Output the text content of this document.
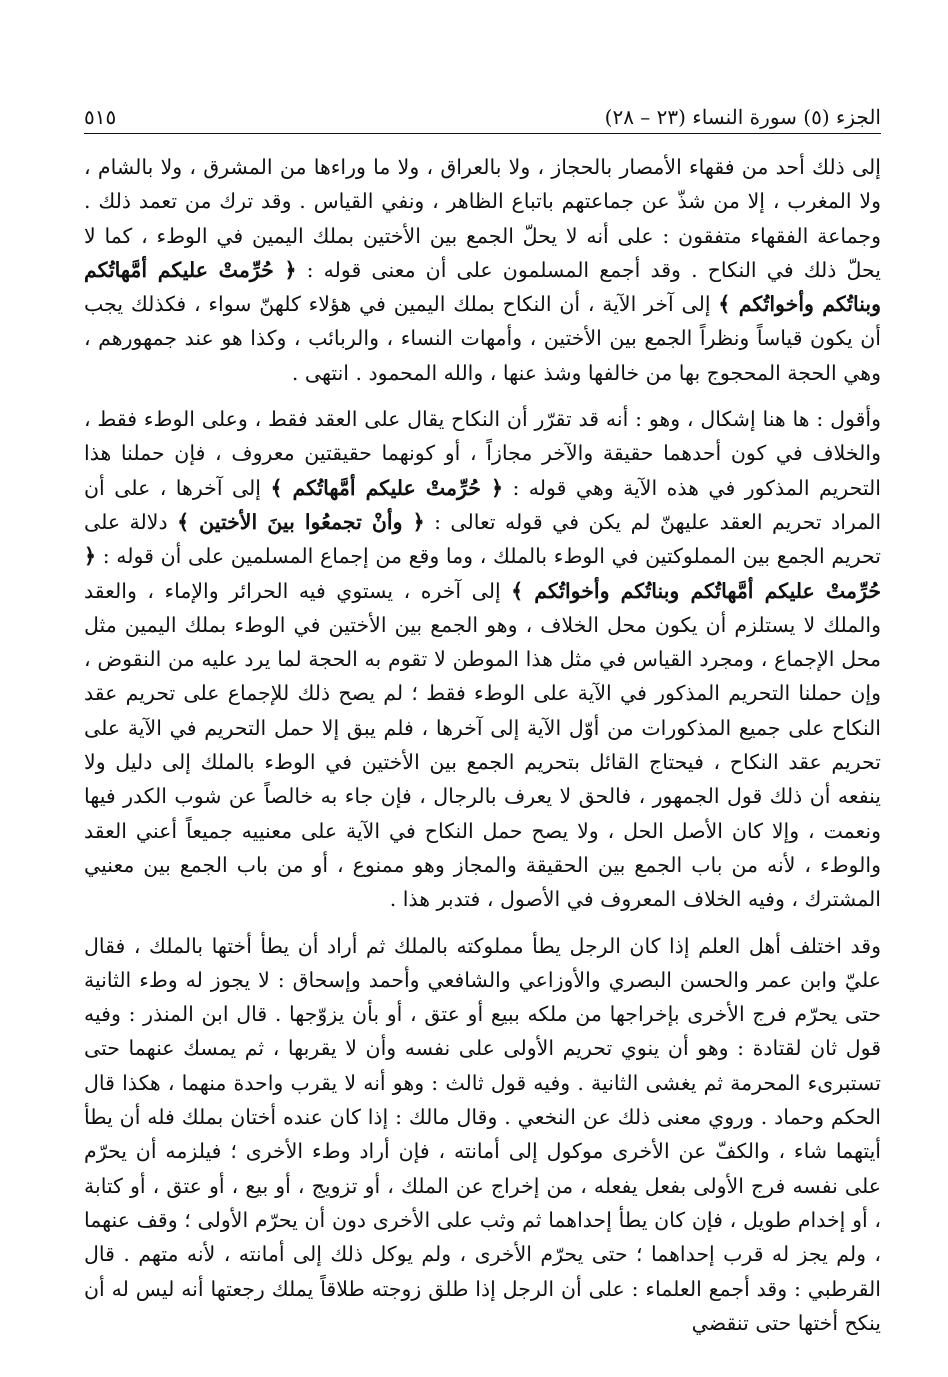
الجزء (٥) سورة النساء (٢٣ – ٢٨)
٥١٥

إلى ذلك أحد من فقهاء الأمصار بالحجاز ، ولا بالعراق ، ولا ما وراءها من المشرق ، ولا بالشام ، ولا المغرب ، إلا من شذّ عن جماعتهم باتباع الظاهر ، ونفي القياس . وقد ترك من تعمد ذلك . وجماعة الفقهاء متفقون : على أنه لا يحلّ الجمع بين الأختين بملك اليمين في الوطء ، كما لا يحلّ ذلك في النكاح . وقد أجمع المسلمون على أن معنى قوله : ﴿ حُرِّمتْ عليكم أمَّهاتُكم وبناتُكم وأخواتُكم ﴾ إلى آخر الآية ، أن النكاح بملك اليمين في هؤلاء كلهنّ سواء ، فكذلك يجب أن يكون قياساً ونظراً الجمع بين الأختين ، وأمهات النساء ، والربائب ، وكذا هو عند جمهورهم ، وهي الحجة المحجوج بها من خالفها وشذ عنها ، والله المحمود . انتهى .

وأقول : ها هنا إشكال ، وهو : أنه قد تقرّر أن النكاح يقال على العقد فقط ، وعلى الوطء فقط ، والخلاف في كون أحدهما حقيقة والآخر مجازاً ، أو كونهما حقيقتين معروف ، فإن حملنا هذا التحريم المذكور في هذه الآية وهي قوله : ﴿ حُرِّمتْ عليكم أمَّهاتُكم ﴾ إلى آخرها ، على أن المراد تحريم العقد عليهنّ لم يكن في قوله تعالى : ﴿ وأنْ تجمعُوا بينَ الأختين ﴾ دلالة على تحريم الجمع بين المملوكتين في الوطء بالملك ، وما وقع من إجماع المسلمين على أن قوله : ﴿ حُرِّمتْ عليكم أمَّهاتُكم وبناتُكم وأخواتُكم ﴾ إلى آخره ، يستوي فيه الحرائر والإماء ، والعقد والملك لا يستلزم أن يكون محل الخلاف ، وهو الجمع بين الأختين في الوطء بملك اليمين مثل محل الإجماع ، ومجرد القياس في مثل هذا الموطن لا تقوم به الحجة لما يرد عليه من النقوض ، وإن حملنا التحريم المذكور في الآية على الوطء فقط ؛ لم يصح ذلك للإجماع على تحريم عقد النكاح على جميع المذكورات من أوّل الآية إلى آخرها ، فلم يبق إلا حمل التحريم في الآية على تحريم عقد النكاح ، فيحتاج القائل بتحريم الجمع بين الأختين في الوطء بالملك إلى دليل ولا ينفعه أن ذلك قول الجمهور ، فالحق لا يعرف بالرجال ، فإن جاء به خالصاً عن شوب الكدر فيها ونعمت ، وإلا كان الأصل الحل ، ولا يصح حمل النكاح في الآية على معنييه جميعاً أعني العقد والوطء ، لأنه من باب الجمع بين الحقيقة والمجاز وهو ممنوع ، أو من باب الجمع بين معنيي المشترك ، وفيه الخلاف المعروف في الأصول ، فتدبر هذا .

وقد اختلف أهل العلم إذا كان الرجل يطأ مملوكته بالملك ثم أراد أن يطأ أختها بالملك ، فقال عليّ وابن عمر والحسن البصري والأوزاعي والشافعي وأحمد وإسحاق : لا يجوز له وطء الثانية حتى يحرّم فرج الأخرى بإخراجها من ملكه ببيع أو عتق ، أو بأن يزوّجها . قال ابن المنذر : وفيه قول ثان لقتادة : وهو أن ينوي تحريم الأولى على نفسه وأن لا يقربها ، ثم يمسك عنهما حتى تستبرىء المحرمة ثم يغشى الثانية . وفيه قول ثالث : وهو أنه لا يقرب واحدة منهما ، هكذا قال الحكم وحماد . وروي معنى ذلك عن النخعي . وقال مالك : إذا كان عنده أختان بملك فله أن يطأ أيتهما شاء ، والكفّ عن الأخرى موكول إلى أمانته ، فإن أراد وطء الأخرى ؛ فيلزمه أن يحرّم على نفسه فرج الأولى بفعل يفعله ، من إخراج عن الملك ، أو تزويج ، أو بيع ، أو عتق ، أو كتابة ، أو إخدام طويل ، فإن كان يطأ إحداهما ثم وثب على الأخرى دون أن يحرّم الأولى ؛ وقف عنهما ، ولم يجز له قرب إحداهما ؛ حتى يحرّم الأخرى ، ولم يوكل ذلك إلى أمانته ، لأنه متهم . قال القرطبي : وقد أجمع العلماء : على أن الرجل إذا طلق زوجته طلاقاً يملك رجعتها أنه ليس له أن ينكح أختها حتى تنقضي
